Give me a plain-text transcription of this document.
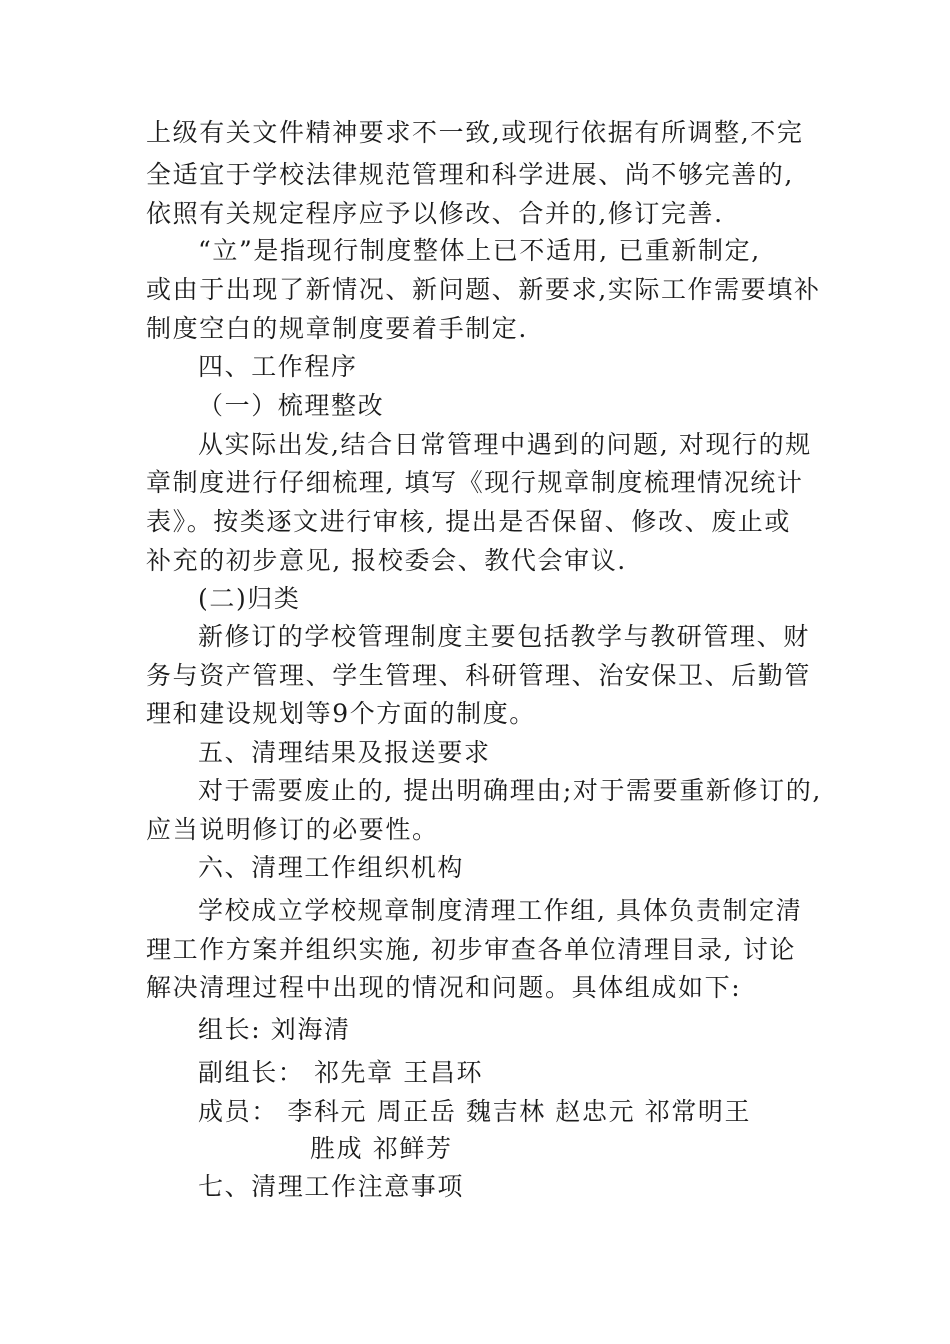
上级有关文件精神要求不一致,或现行依据有所调整,不完
全适宜于学校法律规范管理和科学进展、尚不够完善的,
依照有关规定程序应予以修改、合并的,修订完善.
“立”是指现行制度整体上已不适用, 已重新制定,
或由于出现了新情况、新问题、新要求,实际工作需要填补
制度空白的规章制度要着手制定.
四、工作程序
（一）梳理整改
从实际出发,结合日常管理中遇到的问题, 对现行的规
章制度进行仔细梳理, 填写《现行规章制度梳理情况统计
表》。按类逐文进行审核, 提出是否保留、修改、废止或
补充的初步意见, 报校委会、教代会审议.
(二)归类
新修订的学校管理制度主要包括教学与教研管理、财
务与资产管理、学生管理、科研管理、治安保卫、后勤管
理和建设规划等9个方面的制度。
五、清理结果及报送要求
对于需要废止的, 提出明确理由;对于需要重新修订的,
应当说明修订的必要性。
六、清理工作组织机构
学校成立学校规章制度清理工作组, 具体负责制定清
理工作方案并组织实施, 初步审查各单位清理目录, 讨论
解决清理过程中出现的情况和问题。具体组成如下:
组长: 刘海清
副组长： 祁先章 王昌环
成员： 李科元 周正岳 魏吉林 赵忠元 祁常明王
胜成 祁鲜芳
七、清理工作注意事项
